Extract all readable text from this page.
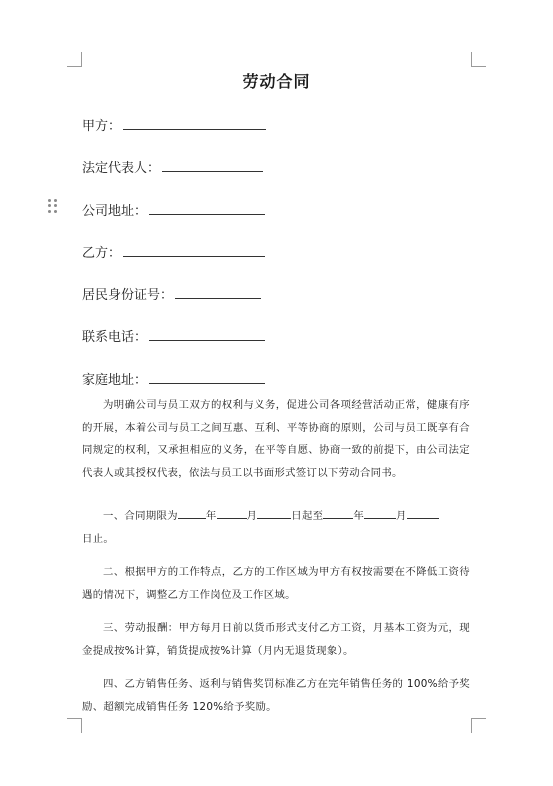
劳动合同
甲方：
法定代表人：
公司地址：
乙方：
居民身份证号：
联系电话：
家庭地址：

为明确公司与员工双方的权利与义务，促进公司各项经营活动正常，健康有序的开展，本着公司与员工之间互惠、互利、平等协商的原则，公司与员工既享有合同规定的权利，又承担相应的义务，在平等自愿、协商一致的前提下，由公司法定代表人或其授权代表，依法与员工以书面形式签订以下劳动合同书。

一、合同期限为	年	月	日起至	年	月
日止。

二、根据甲方的工作特点，乙方的工作区域为甲方有权按需要在不降低工资待遇的情况下，调整乙方工作岗位及工作区域。

三、劳动报酬：甲方每月日前以货币形式支付乙方工资，月基本工资为元，现金提成按%计算，销货提成按%计算（月内无退货现象）。

四、乙方销售任务、返利与销售奖罚标准乙方在完年销售任务的 100%给予奖励、超额完成销售任务 120%给予奖励。
